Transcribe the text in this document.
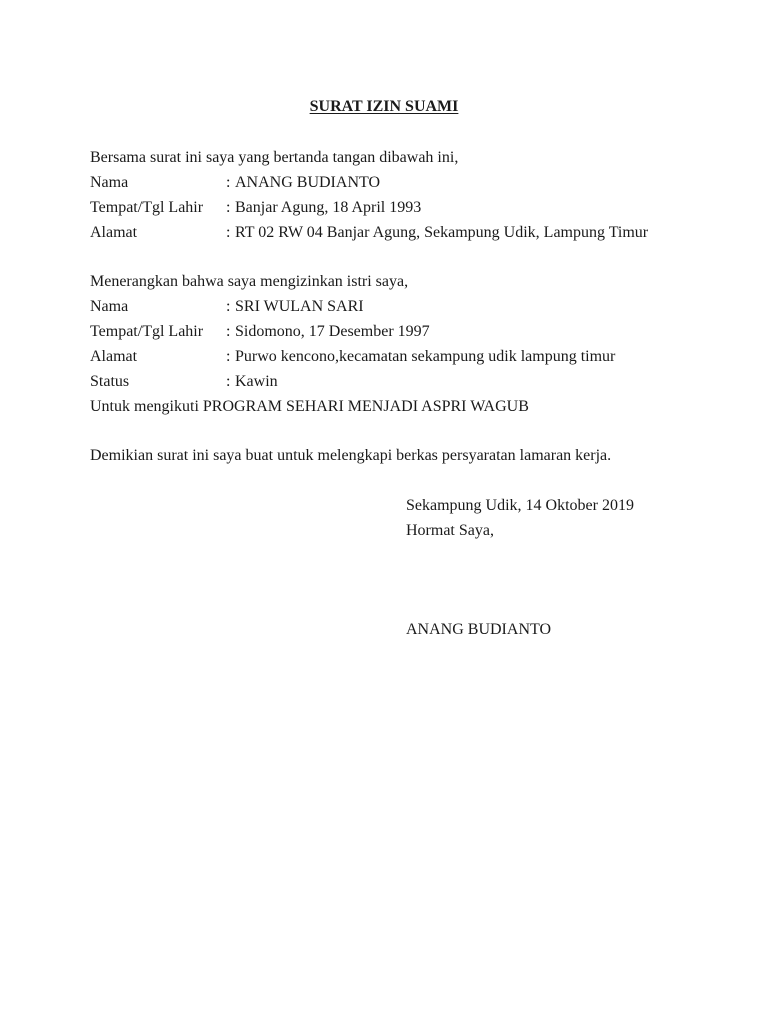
SURAT IZIN SUAMI
Bersama surat ini saya yang bertanda tangan dibawah ini,
Nama	: ANANG BUDIANTO
Tempat/Tgl Lahir : Banjar Agung, 18 April 1993
Alamat	: RT 02 RW 04 Banjar Agung, Sekampung Udik, Lampung Timur
Menerangkan bahwa saya mengizinkan istri saya,
Nama	: SRI WULAN SARI
Tempat/Tgl Lahir : Sidomono, 17 Desember 1997
Alamat	: Purwo kencono,kecamatan sekampung udik lampung timur
Status	: Kawin
Untuk mengikuti PROGRAM SEHARI MENJADI ASPRI WAGUB
Demikian surat ini saya buat untuk melengkapi berkas persyaratan lamaran kerja.
Sekampung Udik, 14 Oktober 2019
Hormat Saya,
ANANG BUDIANTO
